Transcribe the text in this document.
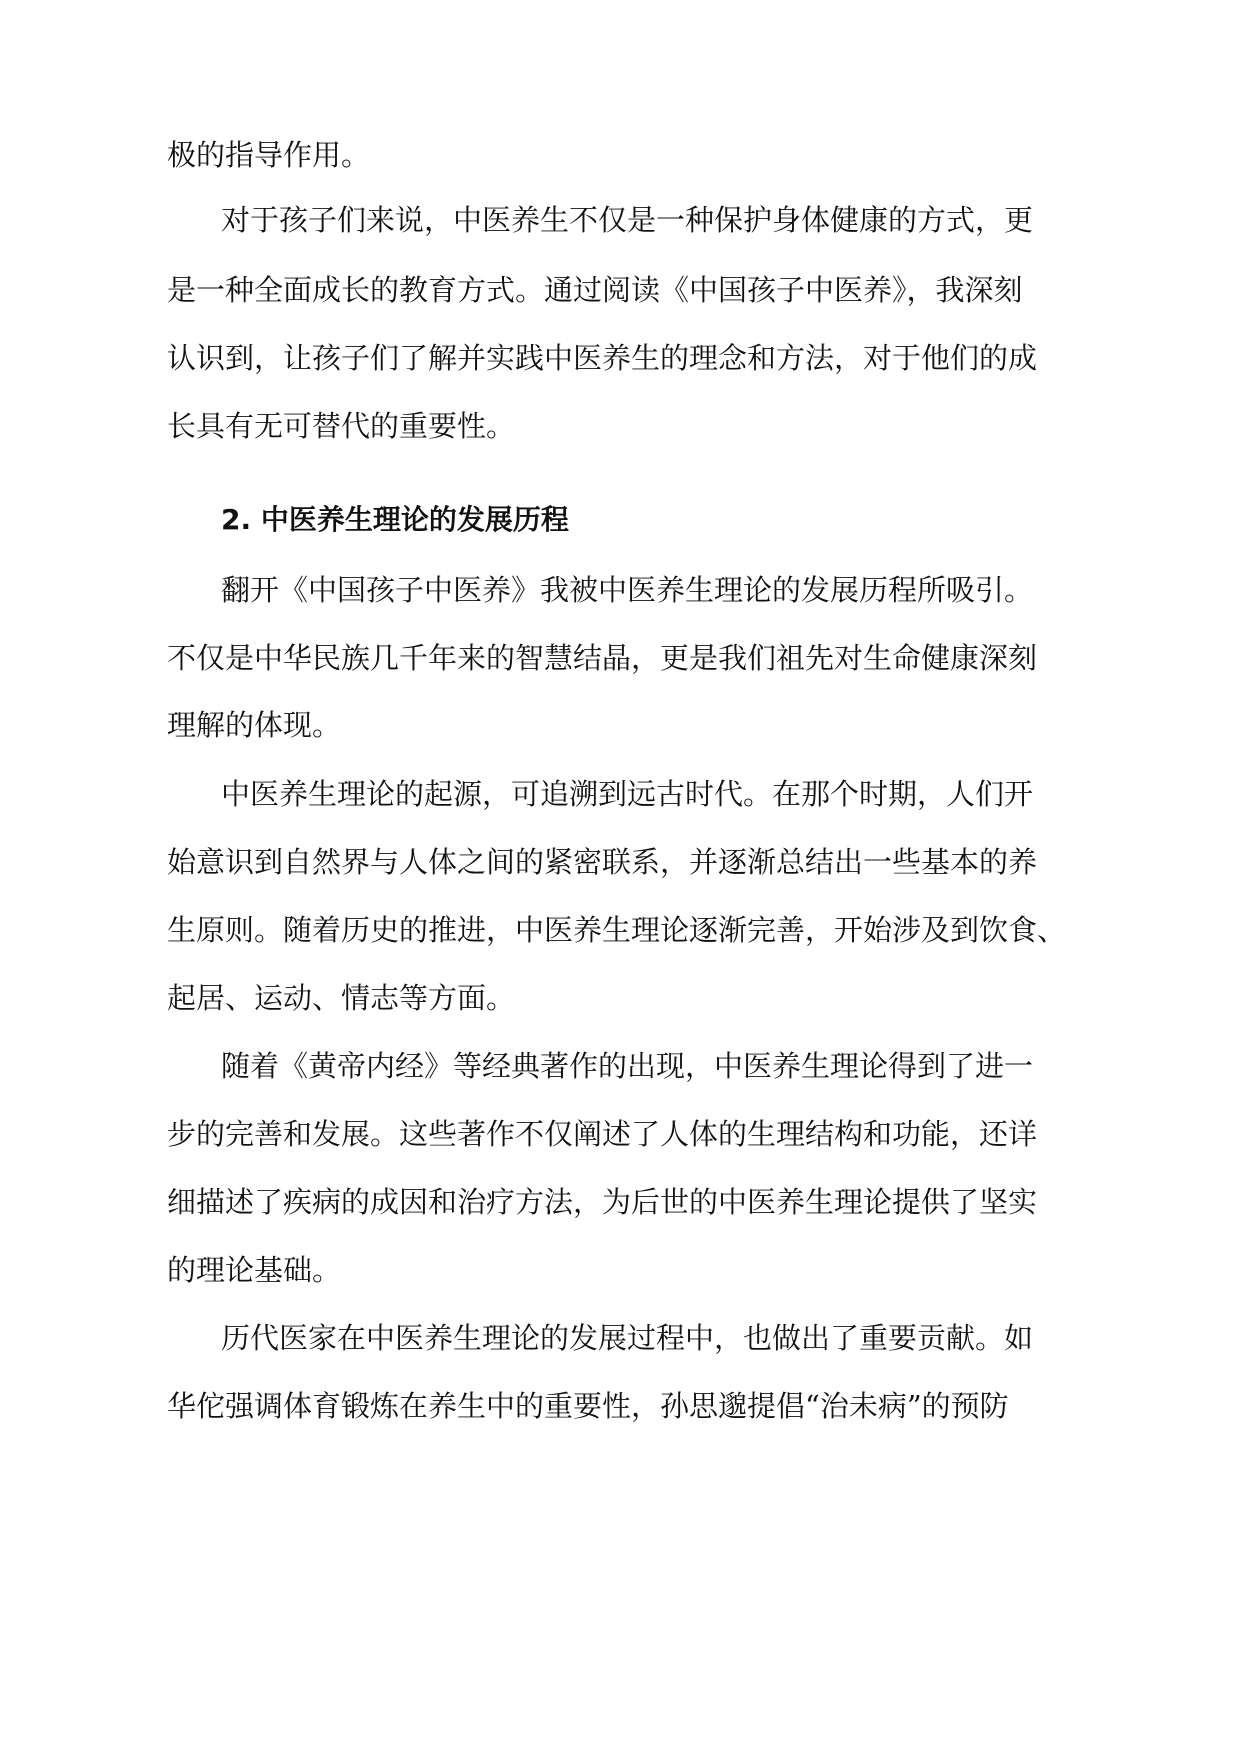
极的指导作用。
对于孩子们来说，中医养生不仅是一种保护身体健康的方式，更
是一种全面成长的教育方式。通过阅读《中国孩子中医养》，我深刻
认识到，让孩子们了解并实践中医养生的理念和方法，对于他们的成
长具有无可替代的重要性。
2. 中医养生理论的发展历程
翻开《中国孩子中医养》我被中医养生理论的发展历程所吸引。
不仅是中华民族几千年来的智慧结晶，更是我们祖先对生命健康深刻
理解的体现。
中医养生理论的起源，可追溯到远古时代。在那个时期，人们开
始意识到自然界与人体之间的紧密联系，并逐渐总结出一些基本的养
生原则。随着历史的推进，中医养生理论逐渐完善，开始涉及到饮食、
起居、运动、情志等方面。
随着《黄帝内经》等经典著作的出现，中医养生理论得到了进一
步的完善和发展。这些著作不仅阐述了人体的生理结构和功能，还详
细描述了疾病的成因和治疗方法，为后世的中医养生理论提供了坚实
的理论基础。
历代医家在中医养生理论的发展过程中，也做出了重要贡献。如
华佗强调体育锻炼在养生中的重要性，孙思邈提倡“治未病”的预防
